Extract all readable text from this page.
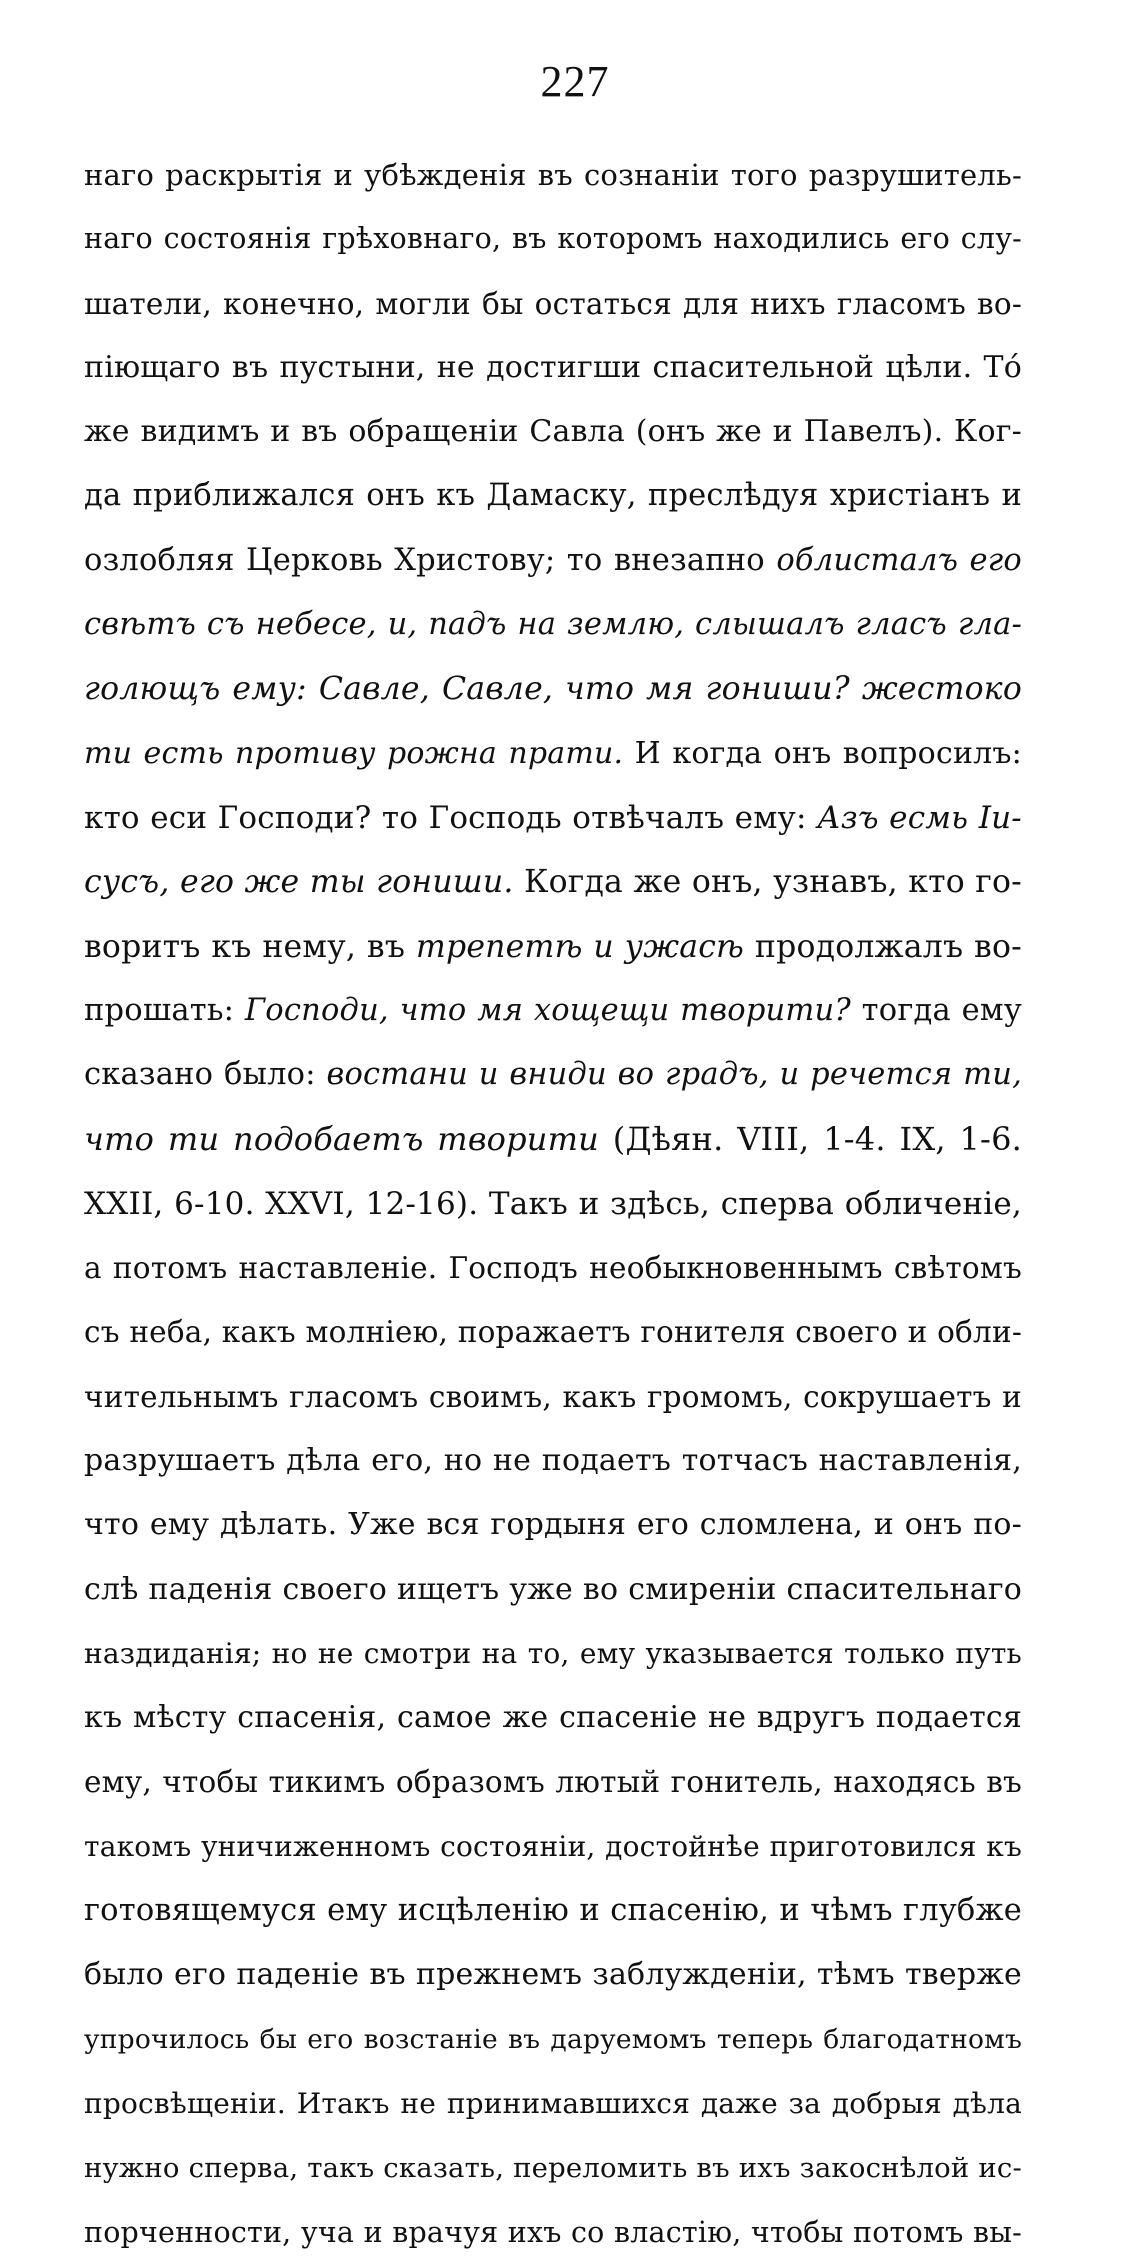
227
наго раскрытія и убѣжденія въ сознаніи того разрушитель-
наго состоянія грѣховнаго, въ которомъ находились его слу-
шатели, конечно, могли бы остаться для нихъ гласомъ во-
піющаго въ пустыни, не достигши спасительной цѣли. Тό
же видимъ и въ обращеніи Савла (онъ же и Павелъ). Ког-
да приближался онъ къ Дамаску, преслѣдуя христіанъ и
озлобляя Церковь Христову; то внезапно облисталъ его
свѣтъ съ небесе, и, падъ на землю, слышалъ гласъ гла-
голющъ ему: Савле, Савле, что мя гониши? жестоко
ти есть противу рожна прати. И когда онъ вопросилъ:
кто еси Господи? то Господь отвѣчалъ ему: Азъ есмь Іи-
сусъ, его же ты гониши. Когда же онъ, узнавъ, кто го-
воритъ къ нему, въ трепетѣ и ужасѣ продолжалъ во-
прошать: Господи, что мя хощещи творити? тогда ему
сказано было: востани и вниди во градъ, и речется ти,
что ти подобаетъ творити (Дѣян. VIII, 1-4. IX, 1-6.
XXII, 6-10. XXVI, 12-16). Такъ и здѣсь, сперва обличеніе,
а потомъ наставленіе. Господъ необыкновеннымъ свѣтомъ
съ неба, какъ молніею, поражаетъ гонителя своего и обли-
чительнымъ гласомъ своимъ, какъ громомъ, сокрушаетъ и
разрушаетъ дѣла его, но не подаетъ тотчасъ наставленія,
что ему дѣлать. Уже вся гордыня его сломлена, и онъ по-
слѣ паденія своего ищетъ уже во смиреніи спасительнаго
наздиданія; но не смотри на то, ему указывается только путь
къ мѣсту спасенія, самое же спасеніе не вдругъ подается
ему, чтобы тикимъ образомъ лютый гонитель, находясь въ
такомъ уничиженномъ состояніи, достойнѣе приготовился къ
готовящемуся ему исцѣленію и спасенію, и чѣмъ глубже
было его паденіе въ прежнемъ заблужденіи, тѣмъ тверже
упрочилось бы его возстаніе въ даруемомъ теперь благодатномъ
просвѣщеніи. Итакъ не принимавшихся даже за добрыя дѣла
нужно сперва, такъ сказать, переломить въ ихъ закоснѣлой ис-
порченности, уча и врачуя ихъ со властію, чтобы потомъ вы-
